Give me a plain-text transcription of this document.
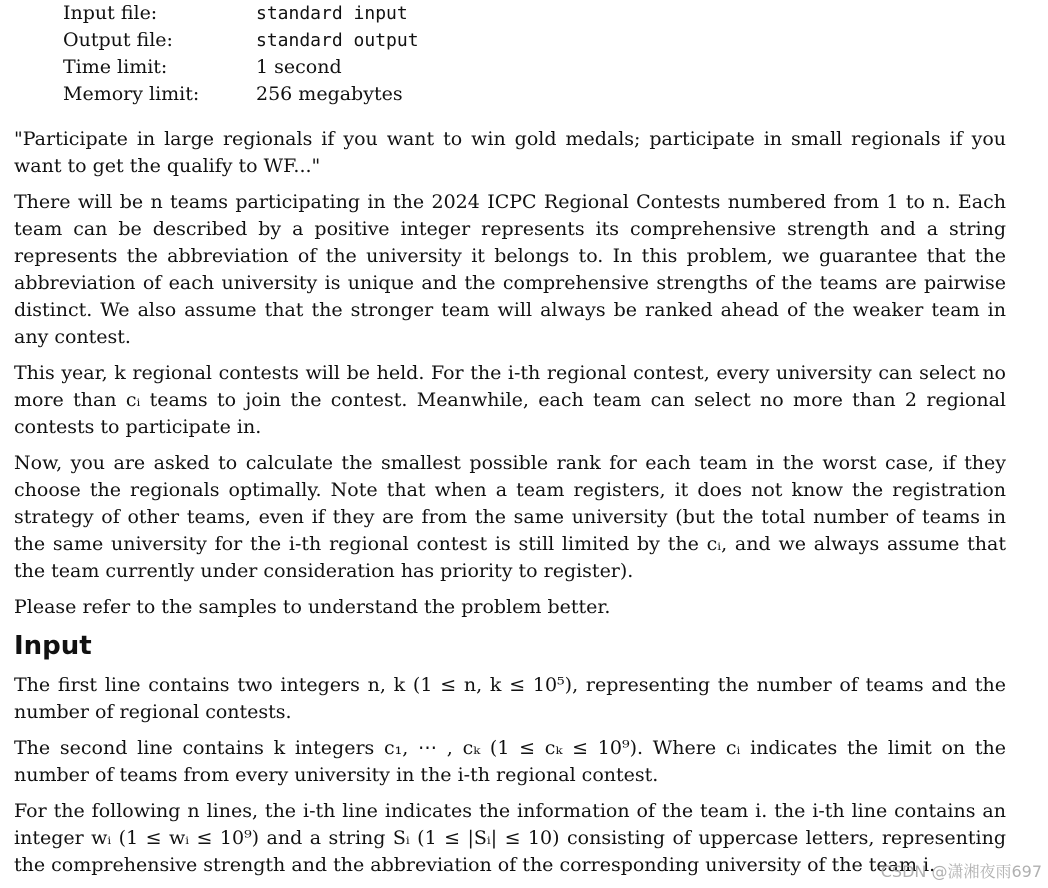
Input file:	standard input
Output file:	standard output
Time limit:	1 second
Memory limit:	256 megabytes

"Participate in large regionals if you want to win gold medals; participate in small regionals if you want to get the qualify to WF..."

There will be n teams participating in the 2024 ICPC Regional Contests numbered from 1 to n. Each team can be described by a positive integer represents its comprehensive strength and a string represents the abbreviation of the university it belongs to. In this problem, we guarantee that the abbreviation of each university is unique and the comprehensive strengths of the teams are pairwise distinct. We also assume that the stronger team will always be ranked ahead of the weaker team in any contest.

This year, k regional contests will be held. For the i-th regional contest, every university can select no more than cᵢ teams to join the contest. Meanwhile, each team can select no more than 2 regional contests to participate in.

Now, you are asked to calculate the smallest possible rank for each team in the worst case, if they choose the regionals optimally. Note that when a team registers, it does not know the registration strategy of other teams, even if they are from the same university (but the total number of teams in the same university for the i-th regional contest is still limited by the cᵢ, and we always assume that the team currently under consideration has priority to register).

Please refer to the samples to understand the problem better.

Input

The first line contains two integers n, k (1 ≤ n, k ≤ 10⁵), representing the number of teams and the number of regional contests.

The second line contains k integers c₁, ⋯ , cₖ (1 ≤ cₖ ≤ 10⁹). Where cᵢ indicates the limit on the number of teams from every university in the i-th regional contest.

For the following n lines, the i-th line indicates the information of the team i. the i-th line contains an integer wᵢ (1 ≤ wᵢ ≤ 10⁹) and a string Sᵢ (1 ≤ |Sᵢ| ≤ 10) consisting of uppercase letters, representing the comprehensive strength and the abbreviation of the corresponding university of the team i.

CSDN @潇湘夜雨697
